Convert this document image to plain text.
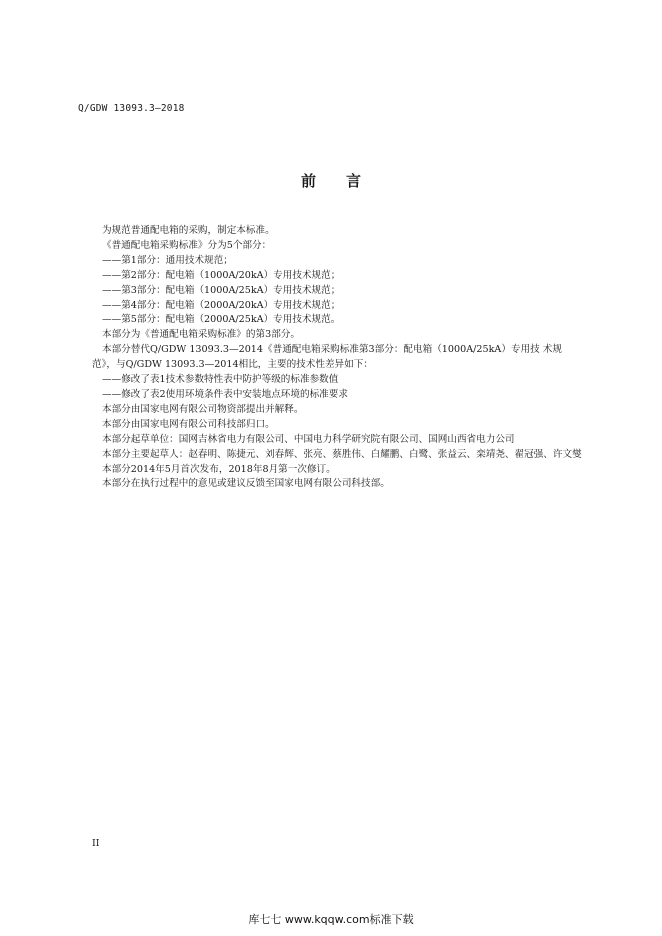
Q/GDW 13093.3—2018
前 言

为规范普通配电箱的采购，制定本标准。

《普通配电箱采购标准》分为5个部分：

——第1部分：通用技术规范；

——第2部分：配电箱（1000A/20kA）专用技术规范；

——第3部分：配电箱（1000A/25kA）专用技术规范；

——第4部分：配电箱（2000A/20kA）专用技术规范；

——第5部分：配电箱（2000A/25kA）专用技术规范。

本部分为《普通配电箱采购标准》的第3部分。

本部分替代Q/GDW 13093.3—2014《普通配电箱采购标准第3部分：配电箱（1000A/25kA）专用技 术规范》，与Q/GDW 13093.3—2014相比，主要的技术性差异如下：

——修改了表1技术参数特性表中防护等级的标准参数值

——修改了表2使用环境条件表中安装地点环境的标准要求

本部分由国家电网有限公司物资部提出并解释。

本部分由国家电网有限公司科技部归口。

本部分起草单位：国网吉林省电力有限公司、中国电力科学研究院有限公司、国网山西省电力公司

本部分主要起草人：赵春明、陈捷元、刘春辉、张亮、蔡胜伟、白耀鹏、白鹭、张益云、栾靖尧、翟冠强、许文燮

本部分2014年5月首次发布，2018年8月第一次修订。

本部分在执行过程中的意见或建议反馈至国家电网有限公司科技部。

II
库七七 www.kqqw.com标准下载
